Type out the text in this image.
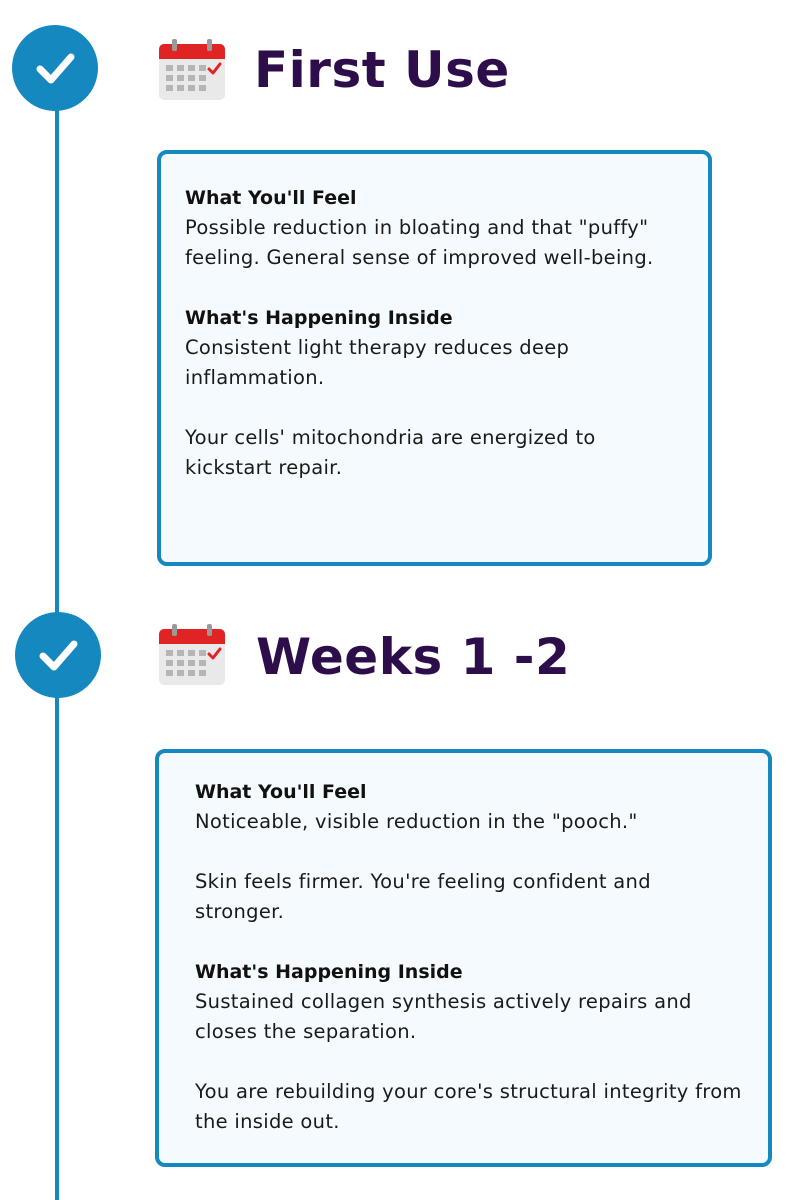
First Use
What You'll Feel

Possible reduction in bloating and that "puffy" feeling. General sense of improved well-being.

What's Happening Inside

Consistent light therapy reduces deep inflammation.

Your cells' mitochondria are energized to kickstart repair.

Weeks 1 -2
What You'll Feel

Noticeable, visible reduction in the "pooch."

Skin feels firmer. You're feeling confident and stronger.

What's Happening Inside

Sustained collagen synthesis actively repairs and closes the separation.

You are rebuilding your core's structural integrity from the inside out.
